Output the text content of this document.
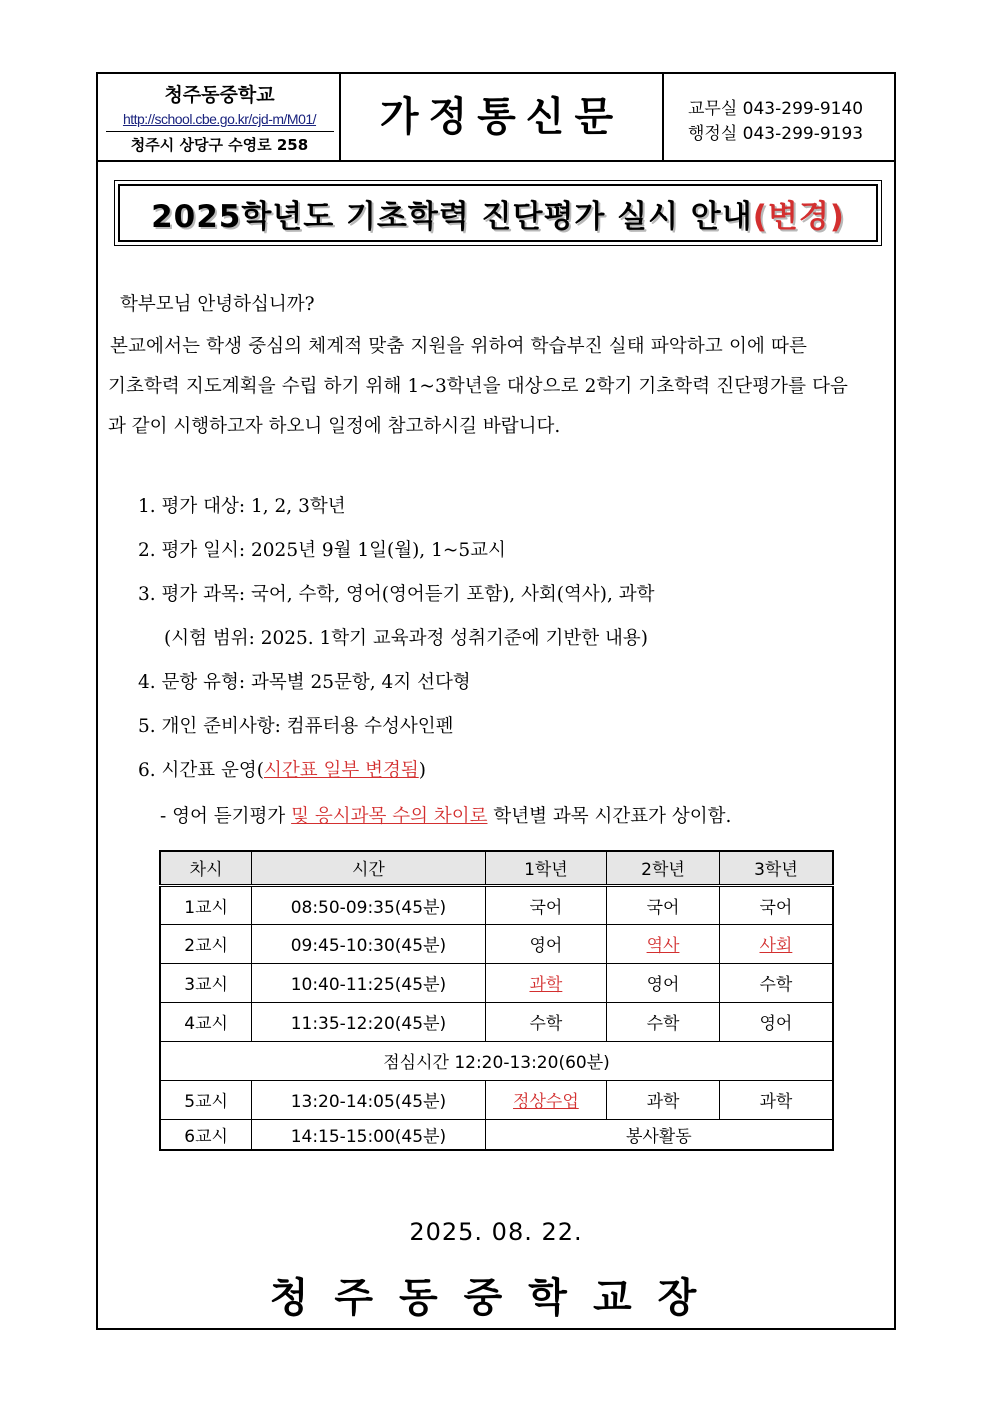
청주동중학교
http://school.cbe.go.kr/cjd-m/M01/
청주시 상당구 수영로 258
가정통신문	교무실 043-299-9140
행정실 043-299-9193
2025학년도 기초학력 진단평가 실시 안내 (변경)
학부모님 안녕하십니까?
본교에서는 학생 중심의 체계적 맞춤 지원을 위하여 학습부진 실태 파악하고 이에 따른
기초학력 지도계획을 수립 하기 위해 1~3학년을 대상으로 2학기 기초학력 진단평가를 다음
과 같이 시행하고자 하오니 일정에 참고하시길 바랍니다.
1. 평가 대상: 1, 2, 3학년
2. 평가 일시: 2025년 9월 1일(월), 1~5교시
3. 평가 과목: 국어, 수학, 영어(영어듣기 포함), 사회(역사), 과학
(시험 범위: 2025. 1학기 교육과정 성취기준에 기반한 내용)
4. 문항 유형: 과목별 25문항, 4지 선다형
5. 개인 준비사항: 컴퓨터용 수성사인펜
6. 시간표 운영(시간표 일부 변경됨)
- 영어 듣기평가 및 응시과목 수의 차이로 학년별 과목 시간표가 상이함.
차시	시간	1학년	2학년	3학년
1교시	08:50-09:35(45분)	국어	국어	국어
2교시	09:45-10:30(45분)	영어	역사	사회
3교시	10:40-11:25(45분)	과학	영어	수학
4교시	11:35-12:20(45분)	수학	수학	영어
점심시간 12:20-13:20(60분)				
5교시	13:20-14:05(45분)	정상수업	과학	과학
6교시	14:15-15:00(45분)	봉사활동		
2025. 08. 22.
청주동중학교장
